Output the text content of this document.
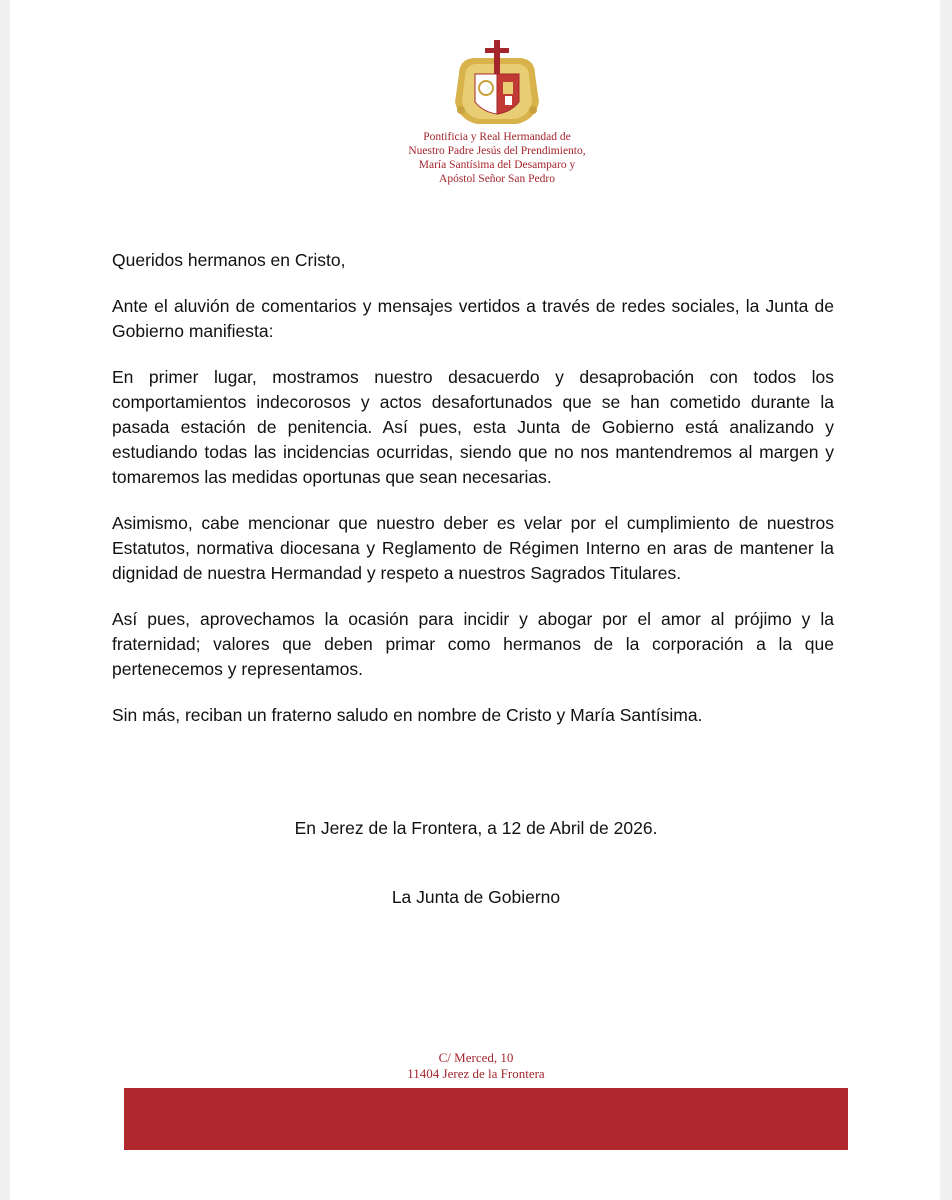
Pontificia y Real Hermandad de
Nuestro Padre Jesús del Prendimiento,
María Santísima del Desamparo y
Apóstol Señor San Pedro

Queridos hermanos en Cristo,

Ante el aluvión de comentarios y mensajes vertidos a través de redes sociales, la Junta de Gobierno manifiesta:

En primer lugar, mostramos nuestro desacuerdo y desaprobación con todos los comportamientos indecorosos y actos desafortunados que se han cometido durante la pasada estación de penitencia. Así pues, esta Junta de Gobierno está analizando y estudiando todas las incidencias ocurridas, siendo que no nos mantendremos al margen y tomaremos las medidas oportunas que sean necesarias.

Asimismo, cabe mencionar que nuestro deber es velar por el cumplimiento de nuestros Estatutos, normativa diocesana y Reglamento de Régimen Interno en aras de mantener la dignidad de nuestra Hermandad y respeto a nuestros Sagrados Titulares.

Así pues, aprovechamos la ocasión para incidir y abogar por el amor al prójimo y la fraternidad; valores que deben primar como hermanos de la corporación a la que pertenecemos y representamos.

Sin más, reciban un fraterno saludo en nombre de Cristo y María Santísima.

En Jerez de la Frontera, a 12 de Abril de 2026.
La Junta de Gobierno
C/ Merced, 10
11404 Jerez de la Frontera
